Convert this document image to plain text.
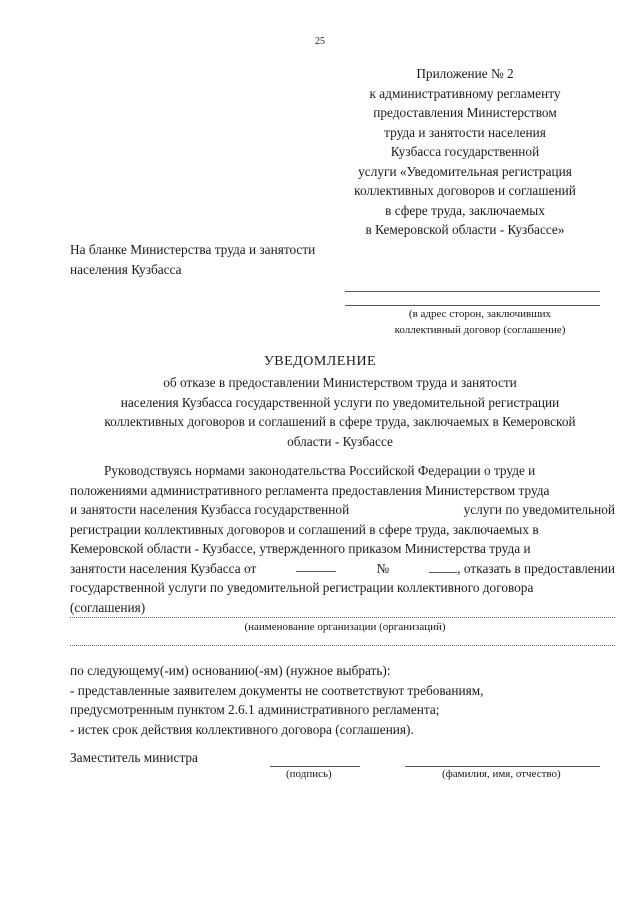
25
Приложение № 2
к административному регламенту
предоставления Министерством
труда и занятости населения
Кузбасса государственной
услуги «Уведомительная регистрация
коллективных договоров и соглашений
в сфере труда, заключаемых
в Кемеровской области - Кузбассе»
На бланке Министерства труда и занятости
населения Кузбасса
(в адрес сторон, заключивших
коллективный договор (соглашение)
УВЕДОМЛЕНИЕ
об отказе в предоставлении Министерством труда и занятости
населения Кузбасса государственной услуги по уведомительной регистрации
коллективных договоров и соглашений в сфере труда, заключаемых в Кемеровской
области - Кузбассе
Руководствуясь нормами законодательства Российской Федерации о труде и
положениями административного регламента предоставления Министерством труда
и занятости населения Кузбасса государственной	услуги по уведомительной
регистрации коллективных договоров и соглашений в сфере труда, заключаемых в
Кемеровской области - Кузбассе, утвержденного приказом Министерства труда и
занятости населения Кузбасса от	№	, отказать в предоставлении
государственной услуги по уведомительной регистрации коллективного договора
(соглашения)
(наименование организации (организаций)
по следующему(-им) основанию(-ям) (нужное выбрать):
- представленные заявителем документы не соответствуют требованиям,
предусмотренным пунктом 2.6.1 административного регламента;
- истек срок действия коллективного договора (соглашения).
Заместитель министра
(подпись)	(фамилия, имя, отчество)
